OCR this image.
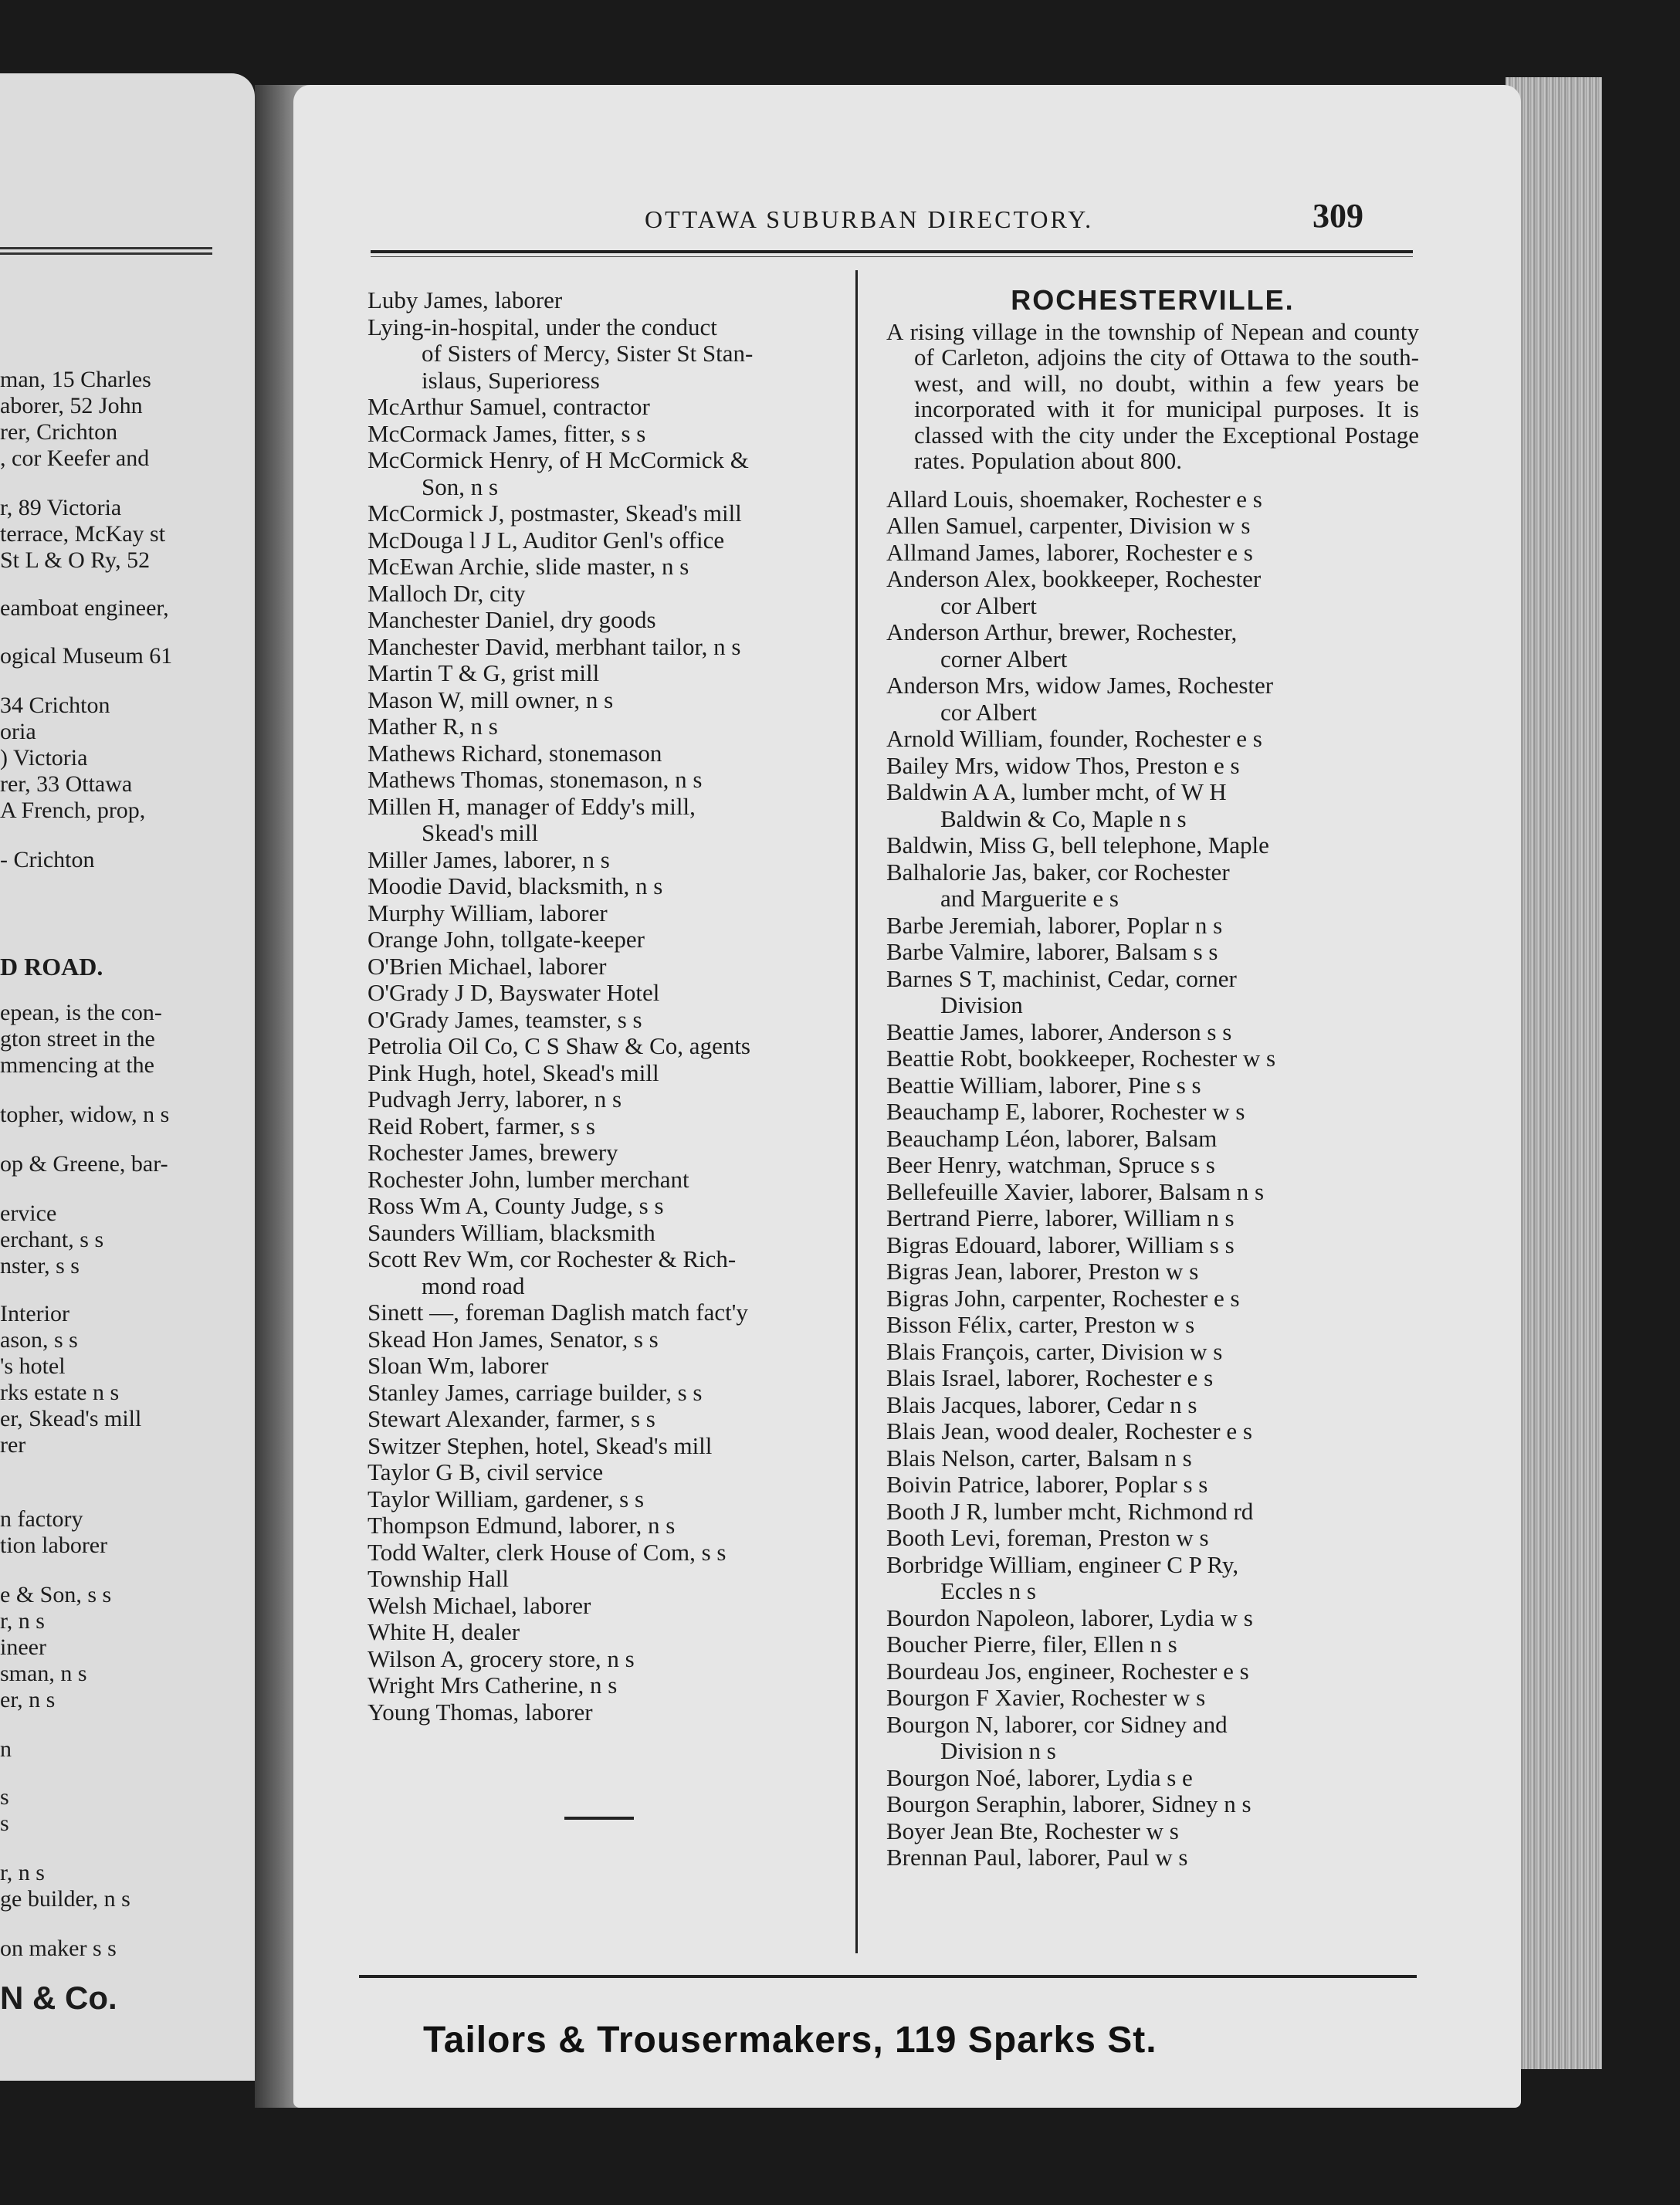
man, 15 Charles
aborer, 52 John
rer, Crichton
, cor Keefer and
r, 89 Victoria
terrace, McKay st
St L & O Ry, 52
eamboat engineer,
ogical Museum 61
34 Crichton
oria
) Victoria
rer, 33 Ottawa
A French, prop,
- Crichton
D ROAD.
epean, is the con-
gton street in the
mmencing at the
topher, widow, n s
op & Greene, bar-
ervice
erchant, s s
nster, s s
Interior
ason, s s
's hotel
rks estate n s
er, Skead's mill
rer
n factory
tion laborer
e & Son, s s
r, n s
ineer
sman, n s
er, n s
n
s
s
r, n s
ge builder, n s
on maker s s
N & Co.
OTTAWA SUBURBAN DIRECTORY.	309
Luby James, laborer
Lying-in-hospital, under the conduct
of Sisters of Mercy, Sister St Stan-
islaus, Superioress
McArthur Samuel, contractor
McCormack James, fitter, s s
McCormick Henry, of H McCormick &
Son, n s
McCormick J, postmaster, Skead's mill
McDouga l J L, Auditor Genl's office
McEwan Archie, slide master, n s
Malloch Dr, city
Manchester Daniel, dry goods
Manchester David, merbhant tailor, n s
Martin T & G, grist mill
Mason W, mill owner, n s
Mather R, n s
Mathews Richard, stonemason
Mathews Thomas, stonemason, n s
Millen H, manager of Eddy's mill,
Skead's mill
Miller James, laborer, n s
Moodie David, blacksmith, n s
Murphy William, laborer
Orange John, tollgate-keeper
O'Brien Michael, laborer
O'Grady J D, Bayswater Hotel
O'Grady James, teamster, s s
Petrolia Oil Co, C S Shaw & Co, agents
Pink Hugh, hotel, Skead's mill
Pudvagh Jerry, laborer, n s
Reid Robert, farmer, s s
Rochester James, brewery
Rochester John, lumber merchant
Ross Wm A, County Judge, s s
Saunders William, blacksmith
Scott Rev Wm, cor Rochester & Rich-
mond road
Sinett —, foreman Daglish match fact'y
Skead Hon James, Senator, s s
Sloan Wm, laborer
Stanley James, carriage builder, s s
Stewart Alexander, farmer, s s
Switzer Stephen, hotel, Skead's mill
Taylor G B, civil service
Taylor William, gardener, s s
Thompson Edmund, laborer, n s
Todd Walter, clerk House of Com, s s
Township Hall
Welsh Michael, laborer
White H, dealer
Wilson A, grocery store, n s
Wright Mrs Catherine, n s
Young Thomas, laborer
ROCHESTERVILLE.
A rising village in the township of Nepean and county of Carleton, adjoins the city of Ottawa to the south-west, and will, no doubt, within a few years be incorporated with it for municipal purposes. It is classed with the city under the Exceptional Postage rates. Population about 800.
Allard Louis, shoemaker, Rochester e s
Allen Samuel, carpenter, Division w s
Allmand James, laborer, Rochester e s
Anderson Alex, bookkeeper, Rochester
cor Albert
Anderson Arthur, brewer, Rochester,
corner Albert
Anderson Mrs, widow James, Rochester
cor Albert
Arnold William, founder, Rochester e s
Bailey Mrs, widow Thos, Preston e s
Baldwin A A, lumber mcht, of W H
Baldwin & Co, Maple n s
Baldwin, Miss G, bell telephone, Maple
Balhalorie Jas, baker, cor Rochester
and Marguerite e s
Barbe Jeremiah, laborer, Poplar n s
Barbe Valmire, laborer, Balsam s s
Barnes S T, machinist, Cedar, corner
Division
Beattie James, laborer, Anderson s s
Beattie Robt, bookkeeper, Rochester w s
Beattie William, laborer, Pine s s
Beauchamp E, laborer, Rochester w s
Beauchamp Léon, laborer, Balsam
Beer Henry, watchman, Spruce s s
Bellefeuille Xavier, laborer, Balsam n s
Bertrand Pierre, laborer, William n s
Bigras Edouard, laborer, William s s
Bigras Jean, laborer, Preston w s
Bigras John, carpenter, Rochester e s
Bisson Félix, carter, Preston w s
Blais François, carter, Division w s
Blais Israel, laborer, Rochester e s
Blais Jacques, laborer, Cedar n s
Blais Jean, wood dealer, Rochester e s
Blais Nelson, carter, Balsam n s
Boivin Patrice, laborer, Poplar s s
Booth J R, lumber mcht, Richmond rd
Booth Levi, foreman, Preston w s
Borbridge William, engineer C P Ry,
Eccles n s
Bourdon Napoleon, laborer, Lydia w s
Boucher Pierre, filer, Ellen n s
Bourdeau Jos, engineer, Rochester e s
Bourgon F Xavier, Rochester w s
Bourgon N, laborer, cor Sidney and
Division n s
Bourgon Noé, laborer, Lydia s e
Bourgon Seraphin, laborer, Sidney n s
Boyer Jean Bte, Rochester w s
Brennan Paul, laborer, Paul w s
Tailors & Trousermakers, 119 Sparks St.
